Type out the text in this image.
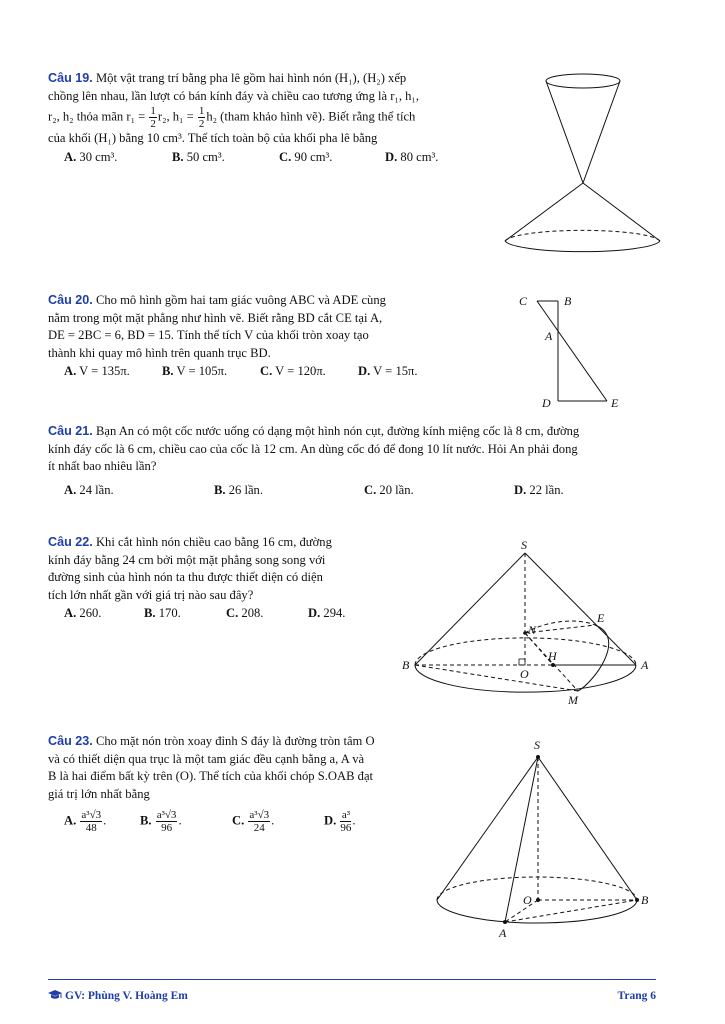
Câu 19. Một vật trang trí bằng pha lê gồm hai hình nón (H₁), (H₂) xếp

chồng lên nhau, lần lượt có bán kính đáy và chiều cao tương ứng là r₁, h₁,

r₂, h₂ thỏa mãn $r_1 = \frac{1}{2} r_2$, $h_1 = \frac{1}{2} h_2$ (tham khảo hình vẽ). Biết rằng thể tích

của khối (H₁) bằng 10 cm³. Thể tích toàn bộ của khối pha lê bằng

A. 30 cm³.	B. 50 cm³.	C. 90 cm³.	D. 80 cm³.

Câu 20. Cho mô hình gồm hai tam giác vuông ABC và ADE cùng

nằm trong một mặt phẳng như hình vẽ. Biết rằng BD cắt CE tại A,

DE = 2BC = 6, BD = 15. Tính thể tích V của khối tròn xoay tạo

thành khi quay mô hình trên quanh trục BD.

A. V = 135π.	B. V = 105π.	C. V = 120π.	D. V = 15π.
C	B
A
D	E

Câu 21. Bạn An có một cốc nước uống có dạng một hình nón cụt, đường kính miệng cốc là 8 cm, đường

kính đáy cốc là 6 cm, chiều cao của cốc là 12 cm. An dùng cốc đó để đong 10 lít nước. Hỏi An phải đong

ít nhất bao nhiêu lần?

A. 24 lần.	B. 26 lần.	C. 20 lần.	D. 22 lần.

Câu 22. Khi cắt hình nón chiều cao bằng 16 cm, đường

kính đáy bằng 24 cm bởi một mặt phẳng song song với

đường sinh của hình nón ta thu được thiết diện có diện

tích lớn nhất gần với giá trị nào sau đây?

A. 260.	B. 170.	C. 208.	D. 294.
S
N
E
H
B
O
A
M

Câu 23. Cho mặt nón tròn xoay đỉnh S đáy là đường tròn tâm O

và có thiết diện qua trục là một tam giác đều cạnh bằng a, A và

B là hai điểm bất kỳ trên (O). Thể tích của khối chóp S.OAB đạt

giá trị lớn nhất bằng

A. $\frac{\text{a³√3}}{48}$ .	B. $\frac{\text{a³√3}}{96}$ .	C. $\frac{\text{a³√3}}{24}$ .	D. $\frac{\text{a³}}{96}$ .
S
O	B
A
GV: Phùng V. Hoàng Em	Trang 6
